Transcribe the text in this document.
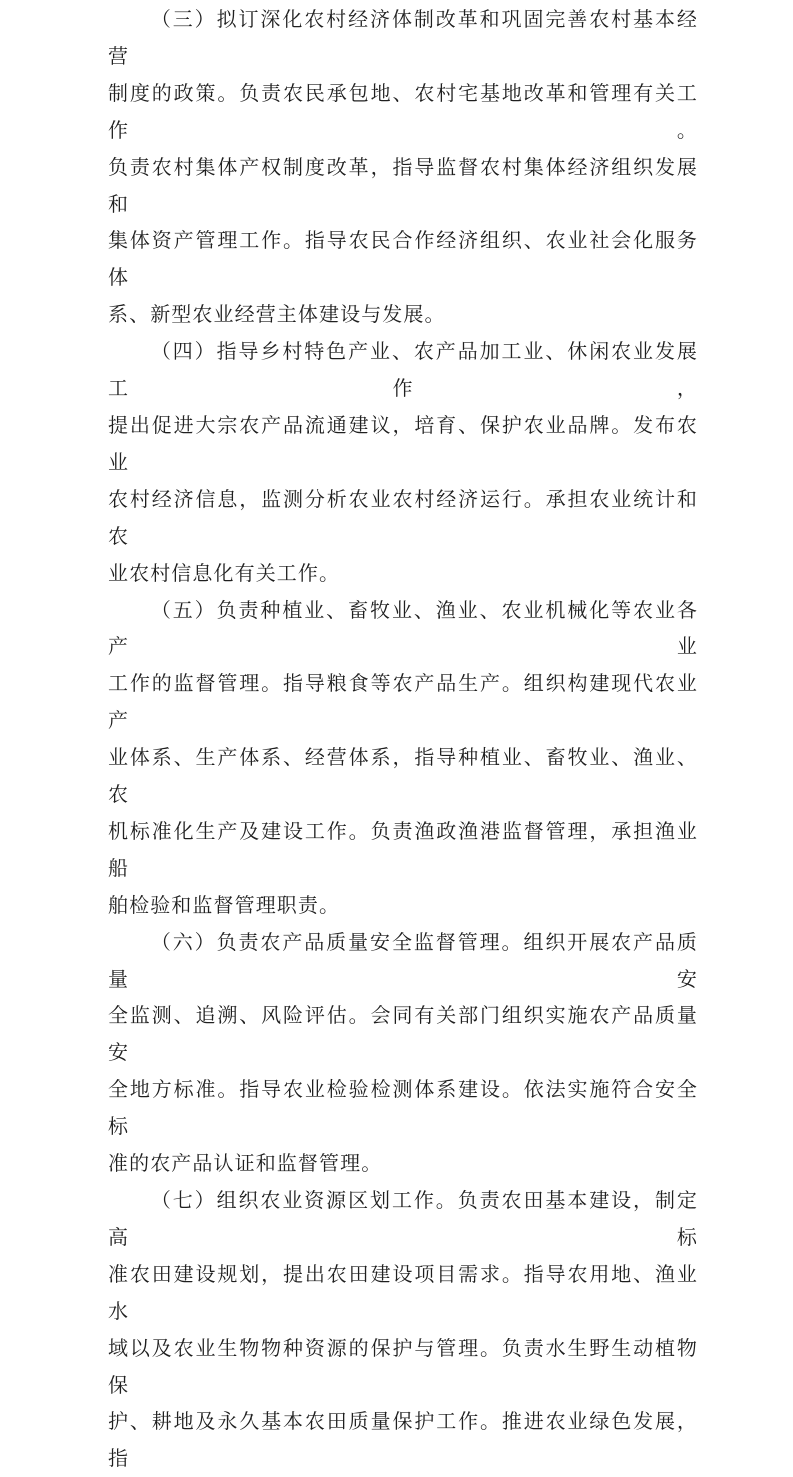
（三）拟订深化农村经济体制改革和巩固完善农村基本经营

制度的政策。负责农民承包地、农村宅基地改革和管理有关工作。

负责农村集体产权制度改革，指导监督农村集体经济组织发展和

集体资产管理工作。指导农民合作经济组织、农业社会化服务体

系、新型农业经营主体建设与发展。

（四）指导乡村特色产业、农产品加工业、休闲农业发展工作，

提出促进大宗农产品流通建议，培育、保护农业品牌。发布农业

农村经济信息，监测分析农业农村经济运行。承担农业统计和农

业农村信息化有关工作。

（五）负责种植业、畜牧业、渔业、农业机械化等农业各产业

工作的监督管理。指导粮食等农产品生产。组织构建现代农业产

业体系、生产体系、经营体系，指导种植业、畜牧业、渔业、农

机标准化生产及建设工作。负责渔政渔港监督管理，承担渔业船

舶检验和监督管理职责。

（六）负责农产品质量安全监督管理。组织开展农产品质量安

全监测、追溯、风险评估。会同有关部门组织实施农产品质量安

全地方标准。指导农业检验检测体系建设。依法实施符合安全标

准的农产品认证和监督管理。

（七）组织农业资源区划工作。负责农田基本建设，制定高标

准农田建设规划，提出农田建设项目需求。指导农用地、渔业水

域以及农业生物物种资源的保护与管理。负责水生野生动植物保

护、耕地及永久基本农田质量保护工作。推进农业绿色发展，指
